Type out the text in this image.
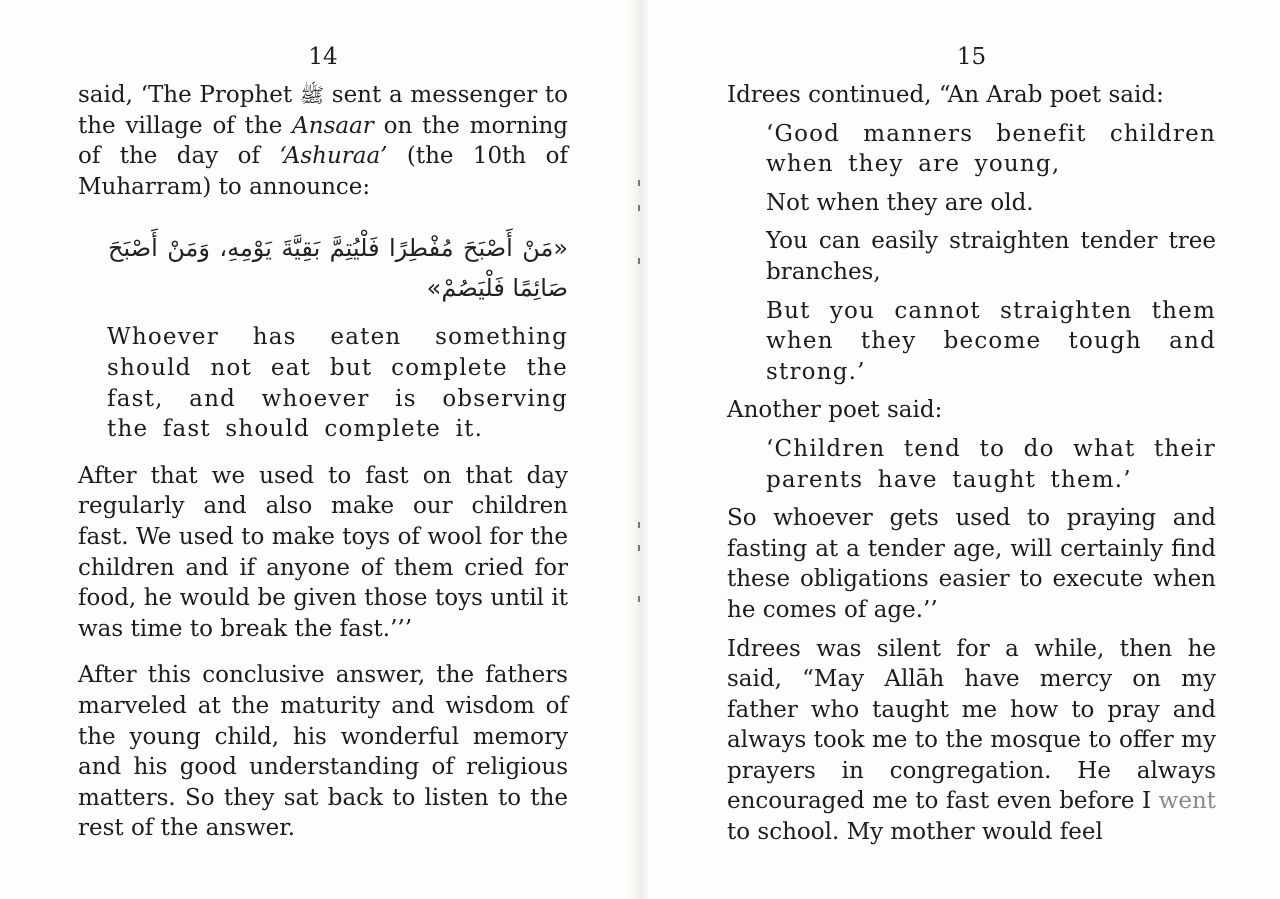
14

said, ‘The Prophet ﷺ sent a messenger to the village of the Ansaar on the morning of the day of ‘Ashuraa’ (the 10th of Muharram) to announce:

«مَنْ أَصْبَحَ مُفْطِرًا فَلْيُتِمَّ بَقِيَّةَ يَوْمِهِ، وَمَنْ أَصْبَحَ صَائِمًا فَلْيَصُمْ»

Whoever has eaten something should not eat but complete the fast, and whoever is observing the fast should complete it.

After that we used to fast on that day regularly and also make our children fast. We used to make toys of wool for the children and if anyone of them cried for food, he would be given those toys until it was time to break the fast.’’’

After this conclusive answer, the fathers marveled at the maturity and wisdom of the young child, his wonderful memory and his good understanding of religious matters. So they sat back to listen to the rest of the answer.

15

Idrees continued, “An Arab poet said:

‘Good manners benefit children when they are young,

Not when they are old.

You can easily straighten tender tree branches,

But you cannot straighten them when they become tough and strong.’

Another poet said:

‘Children tend to do what their parents have taught them.’

So whoever gets used to praying and fasting at a tender age, will certainly find these obligations easier to execute when he comes of age.’’

Idrees was silent for a while, then he said, “May Allāh have mercy on my father who taught me how to pray and always took me to the mosque to offer my prayers in congregation. He always encouraged me to fast even before I went to school. My mother would feel
